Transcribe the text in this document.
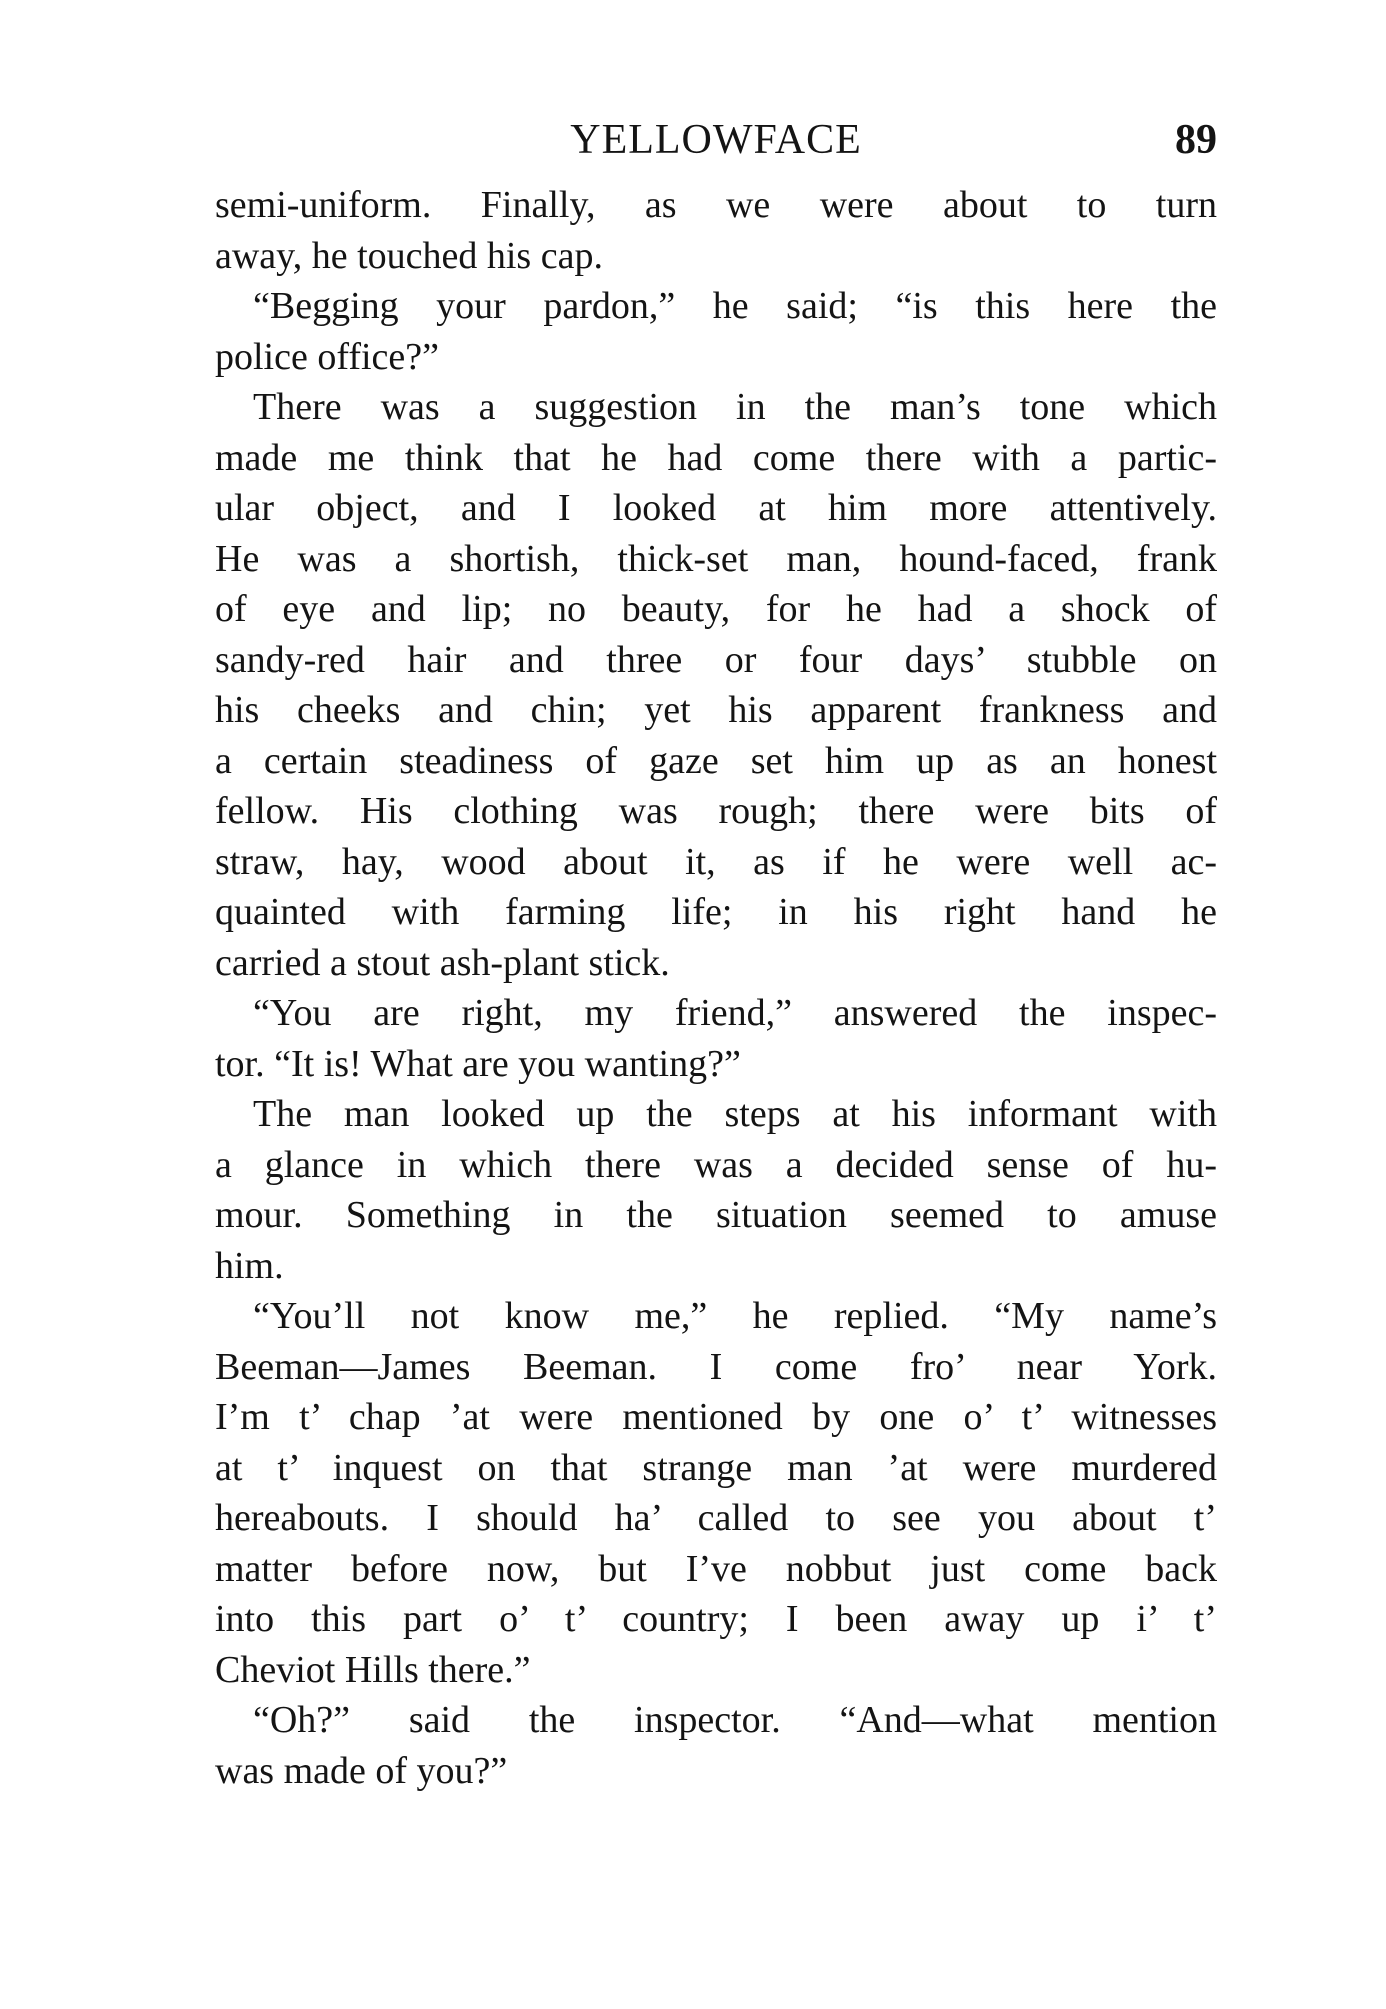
YELLOWFACE	89
semi-uniform. Finally, as we were about to turn
away, he touched his cap.
“Begging your pardon,” he said; “is this here the
police office?”
There was a suggestion in the man’s tone which
made me think that he had come there with a partic-
ular object, and I looked at him more attentively.
He was a shortish, thick-set man, hound-faced, frank
of eye and lip; no beauty, for he had a shock of
sandy-red hair and three or four days’ stubble on
his cheeks and chin; yet his apparent frankness and
a certain steadiness of gaze set him up as an honest
fellow. His clothing was rough; there were bits of
straw, hay, wood about it, as if he were well ac-
quainted with farming life; in his right hand he
carried a stout ash-plant stick.
“You are right, my friend,” answered the inspec-
tor. “It is! What are you wanting?”
The man looked up the steps at his informant with
a glance in which there was a decided sense of hu-
mour. Something in the situation seemed to amuse
him.
“You’ll not know me,” he replied. “My name’s
Beeman—James Beeman. I come fro’ near York.
I’m t’ chap ’at were mentioned by one o’ t’ witnesses
at t’ inquest on that strange man ’at were murdered
hereabouts. I should ha’ called to see you about t’
matter before now, but I’ve nobbut just come back
into this part o’ t’ country; I been away up i’ t’
Cheviot Hills there.”
“Oh?” said the inspector. “And—what mention
was made of you?”
